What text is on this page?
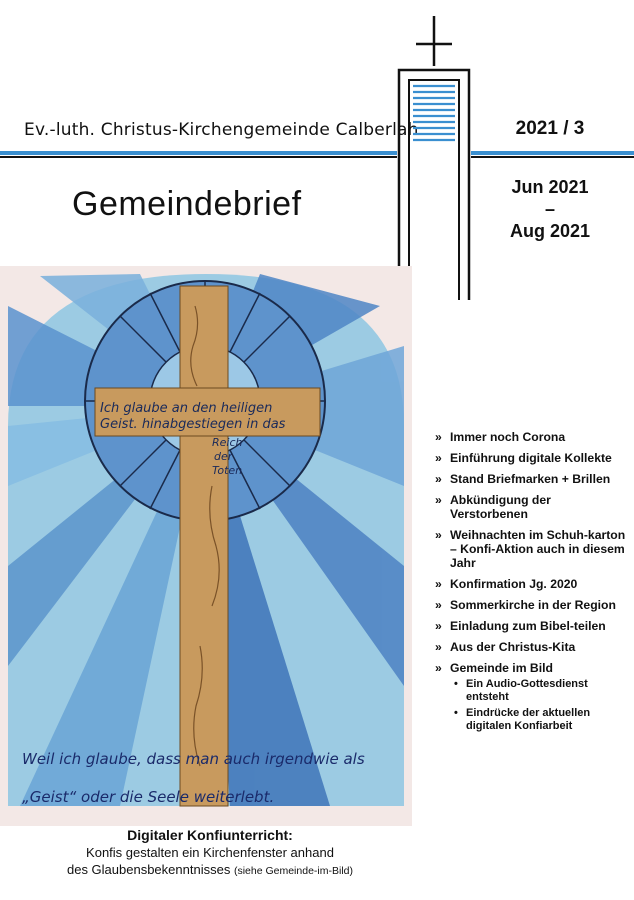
Ev.-luth. Christus-Kirchengemeinde Calberlah	2021 / 3
Gemeindebrief	Jun 2021
–
Aug 2021
Ich glaube an den heiligen
Geist. hinabgestiegen in das
Reich
der
Toten
Weil ich glaube, dass man auch irgendwie als
„Geist“ oder die Seele weiterlebt.
» Immer noch Corona
» Einführung digitale Kollekte
» Stand Briefmarken + Brillen
» Abkündigung der Verstorbenen
» Weihnachten im Schuh-karton – Konfi-Aktion auch in diesem Jahr
» Konfirmation Jg. 2020
» Sommerkirche in der Region
» Einladung zum Bibel-teilen
» Aus der Christus-Kita
» Gemeinde im Bild
• Ein Audio-Gottesdienst entsteht
• Eindrücke der aktuellen digitalen Konfiarbeit
Digitaler Konfiunterricht:
Konfis gestalten ein Kirchenfenster anhand
des Glaubensbekenntnisses (siehe Gemeinde-im-Bild)
